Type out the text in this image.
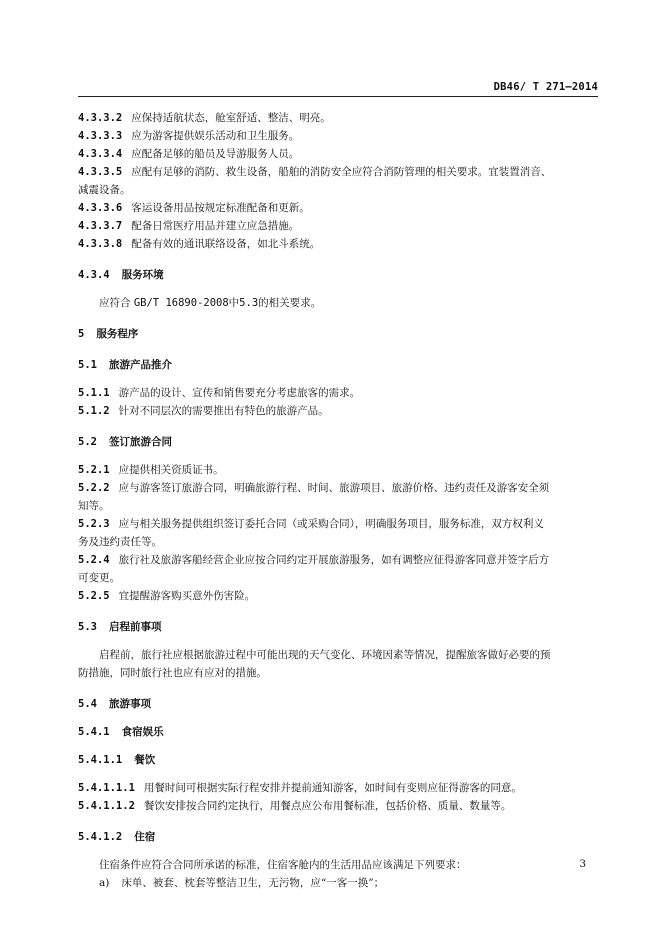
DB46/ T 271—2014

4.3.3.2 应保持适航状态，舱室舒适、整洁、明亮。

4.3.3.3 应为游客提供娱乐活动和卫生服务。

4.3.3.4 应配备足够的船员及导游服务人员。

4.3.3.5 应配有足够的消防、救生设备，船舶的消防安全应符合消防管理的相关要求。宜装置消音、

减震设备。

4.3.3.6 客运设备用品按规定标准配备和更新。

4.3.3.7 配备日常医疗用品并建立应急措施。

4.3.3.8 配备有效的通讯联络设备，如北斗系统。

4.3.4 服务环境

应符合 GB/T 16890-2008中5.3的相关要求。

5 服务程序

5.1 旅游产品推介

5.1.1 游产品的设计、宣传和销售要充分考虑旅客的需求。

5.1.2 针对不同层次的需要推出有特色的旅游产品。

5.2 签订旅游合同

5.2.1 应提供相关资质证书。

5.2.2 应与游客签订旅游合同，明确旅游行程、时间、旅游项目、旅游价格、违约责任及游客安全须

知等。

5.2.3 应与相关服务提供组织签订委托合同（或采购合同），明确服务项目，服务标准，双方权利义

务及违约责任等。

5.2.4 旅行社及旅游客船经营企业应按合同约定开展旅游服务，如有调整应征得游客同意并签字后方

可变更。

5.2.5 宜提醒游客购买意外伤害险。

5.3 启程前事项

启程前，旅行社应根据旅游过程中可能出现的天气变化、环境因素等情况，提醒旅客做好必要的预

防措施，同时旅行社也应有应对的措施。

5.4 旅游事项

5.4.1 食宿娱乐

5.4.1.1 餐饮

5.4.1.1.1 用餐时间可根据实际行程安排并提前通知游客，如时间有变则应征得游客的同意。

5.4.1.1.2 餐饮安排按合同约定执行，用餐点应公布用餐标准，包括价格、质量、数量等。

5.4.1.2 住宿

住宿条件应符合合同所承诺的标准，住宿客舱内的生活用品应该满足下列要求：

a) 床单、被套、枕套等整洁卫生，无污物，应“一客一换”；

3
